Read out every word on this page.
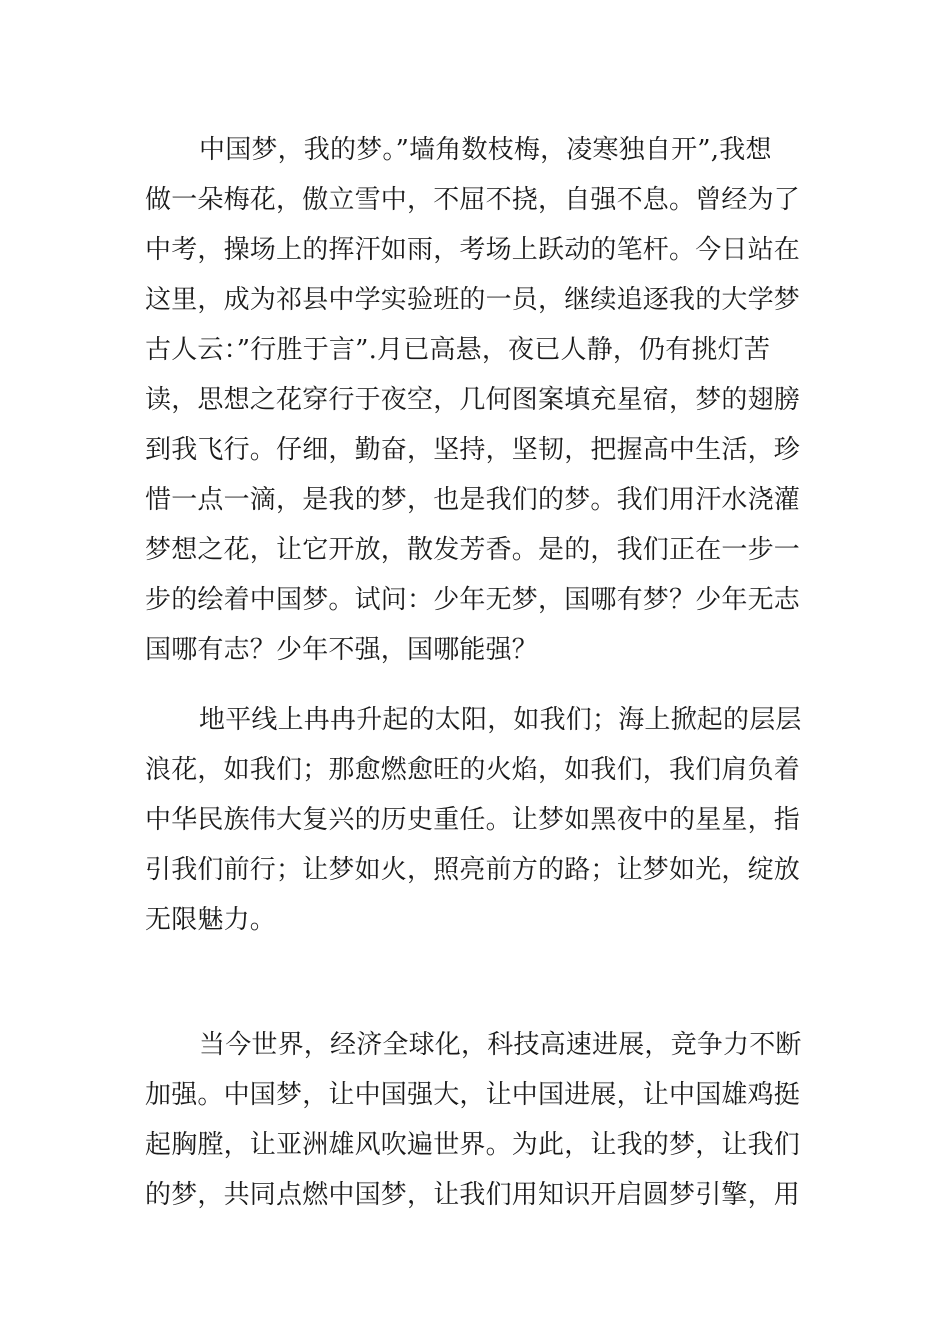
中国梦，我的梦。”墙角数枝梅，凌寒独自开”,我想
做一朵梅花，傲立雪中，不屈不挠，自强不息。曾经为了
中考，操场上的挥汗如雨，考场上跃动的笔杆。今日站在
这里，成为祁县中学实验班的一员，继续追逐我的大学梦
古人云：”行胜于言”.月已高悬，夜已人静，仍有挑灯苦
读，思想之花穿行于夜空，几何图案填充星宿，梦的翅膀
到我飞行。仔细，勤奋，坚持，坚韧，把握高中生活，珍
惜一点一滴，是我的梦，也是我们的梦。我们用汗水浇灌
梦想之花，让它开放，散发芳香。是的，我们正在一步一
步的绘着中国梦。试问：少年无梦，国哪有梦？少年无志
国哪有志？少年不强，国哪能强？
地平线上冉冉升起的太阳，如我们；海上掀起的层层
浪花，如我们；那愈燃愈旺的火焰，如我们，我们肩负着
中华民族伟大复兴的历史重任。让梦如黑夜中的星星，指
引我们前行；让梦如火，照亮前方的路；让梦如光，绽放
无限魅力。
当今世界，经济全球化，科技高速进展，竞争力不断
加强。中国梦，让中国强大，让中国进展，让中国雄鸡挺
起胸膛，让亚洲雄风吹遍世界。为此，让我的梦，让我们
的梦，共同点燃中国梦，让我们用知识开启圆梦引擎，用
